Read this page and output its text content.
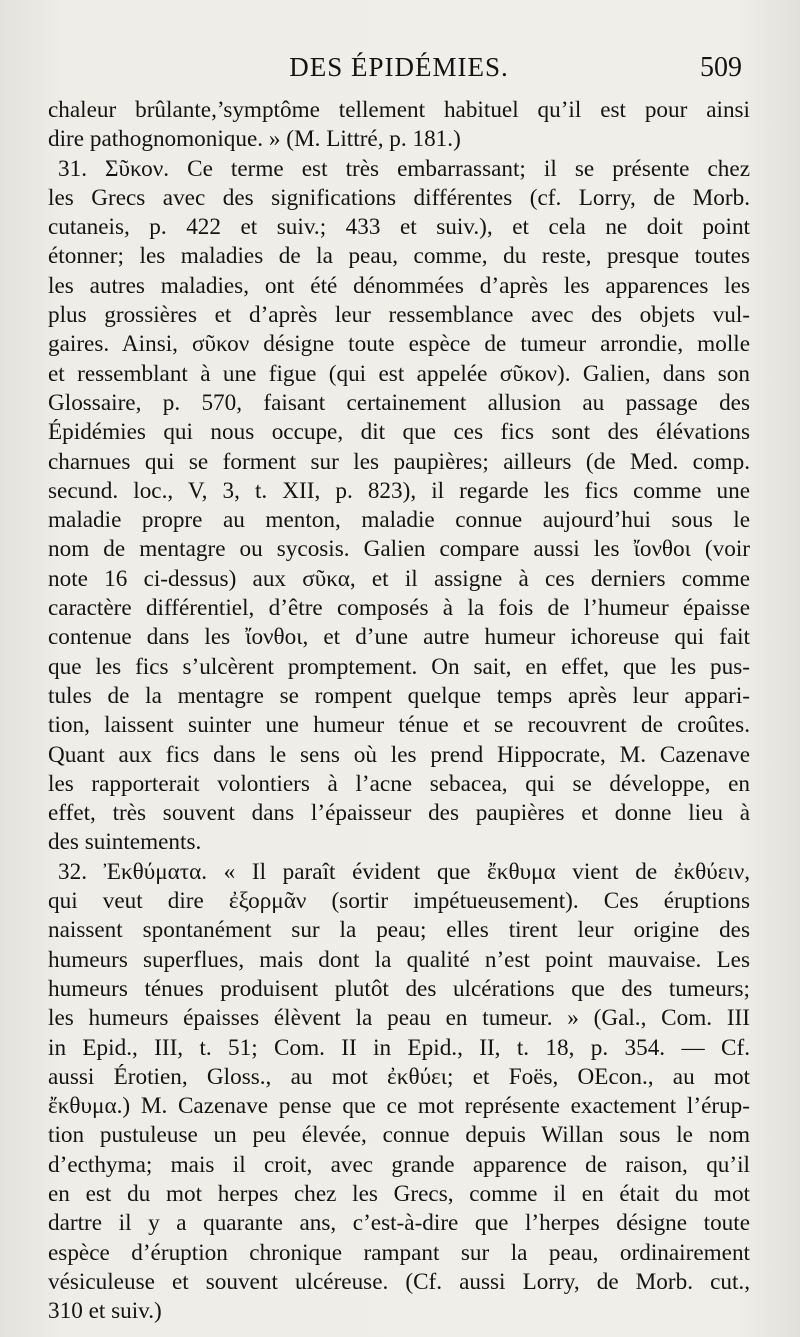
DES ÉPIDÉMIES.	509
chaleur brûlante,’symptôme tellement habituel qu’il est pour ainsi
dire pathognomonique. » (M. Littré, p. 181.)
31. Σῦκον. Ce terme est très embarrassant; il se présente chez
les Grecs avec des significations différentes (cf. Lorry, de Morb.
cutaneis, p. 422 et suiv.; 433 et suiv.), et cela ne doit point
étonner; les maladies de la peau, comme, du reste, presque toutes
les autres maladies, ont été dénommées d’après les apparences les
plus grossières et d’après leur ressemblance avec des objets vul-
gaires. Ainsi, σῦκον désigne toute espèce de tumeur arrondie, molle
et ressemblant à une figue (qui est appelée σῦκον). Galien, dans son
Glossaire, p. 570, faisant certainement allusion au passage des
Épidémies qui nous occupe, dit que ces fics sont des élévations
charnues qui se forment sur les paupières; ailleurs (de Med. comp.
secund. loc., V, 3, t. XII, p. 823), il regarde les fics comme une
maladie propre au menton, maladie connue aujourd’hui sous le
nom de mentagre ou sycosis. Galien compare aussi les ἴονθοι (voir
note 16 ci-dessus) aux σῦκα, et il assigne à ces derniers comme
caractère différentiel, d’être composés à la fois de l’humeur épaisse
contenue dans les ἴονθοι, et d’une autre humeur ichoreuse qui fait
que les fics s’ulcèrent promptement. On sait, en effet, que les pus-
tules de la mentagre se rompent quelque temps après leur appari-
tion, laissent suinter une humeur ténue et se recouvrent de croûtes.
Quant aux fics dans le sens où les prend Hippocrate, M. Cazenave
les rapporterait volontiers à l’acne sebacea, qui se développe, en
effet, très souvent dans l’épaisseur des paupières et donne lieu à
des suintements.
32. Ἐκθύματα. « Il paraît évident que ἔκθυμα vient de ἐκθύειν,
qui veut dire ἐξορμᾶν (sortir impétueusement). Ces éruptions
naissent spontanément sur la peau; elles tirent leur origine des
humeurs superflues, mais dont la qualité n’est point mauvaise. Les
humeurs ténues produisent plutôt des ulcérations que des tumeurs;
les humeurs épaisses élèvent la peau en tumeur. » (Gal., Com. III
in Epid., III, t. 51; Com. II in Epid., II, t. 18, p. 354. — Cf.
aussi Érotien, Gloss., au mot ἐκθύει; et Foës, OEcon., au mot
ἔκθυμα.) M. Cazenave pense que ce mot représente exactement l’érup-
tion pustuleuse un peu élevée, connue depuis Willan sous le nom
d’ecthyma; mais il croit, avec grande apparence de raison, qu’il
en est du mot herpes chez les Grecs, comme il en était du mot
dartre il y a quarante ans, c’est-à-dire que l’herpes désigne toute
espèce d’éruption chronique rampant sur la peau, ordinairement
vésiculeuse et souvent ulcéreuse. (Cf. aussi Lorry, de Morb. cut.,
310 et suiv.)
